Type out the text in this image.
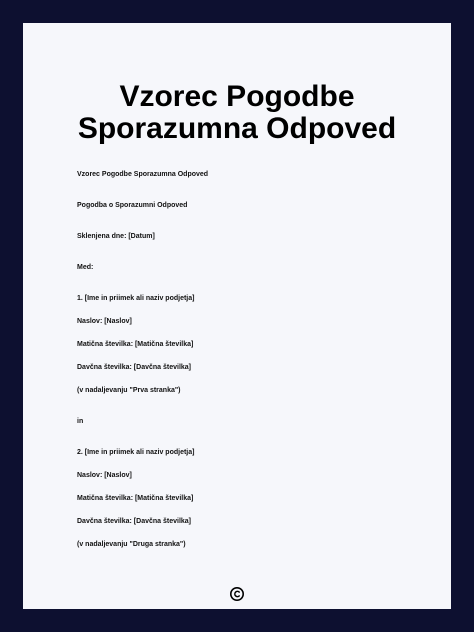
Vzorec Pogodbe
Sporazumna Odpoved

Vzorec Pogodbe Sporazumna Odpoved

Pogodba o Sporazumni Odpoved

Sklenjena dne: [Datum]

Med:

1. [Ime in priimek ali naziv podjetja]

Naslov: [Naslov]

Matična številka: [Matična številka]

Davčna številka: [Davčna številka]

(v nadaljevanju "Prva stranka")

in

2. [Ime in priimek ali naziv podjetja]

Naslov: [Naslov]

Matična številka: [Matična številka]

Davčna številka: [Davčna številka]

(v nadaljevanju "Druga stranka")
